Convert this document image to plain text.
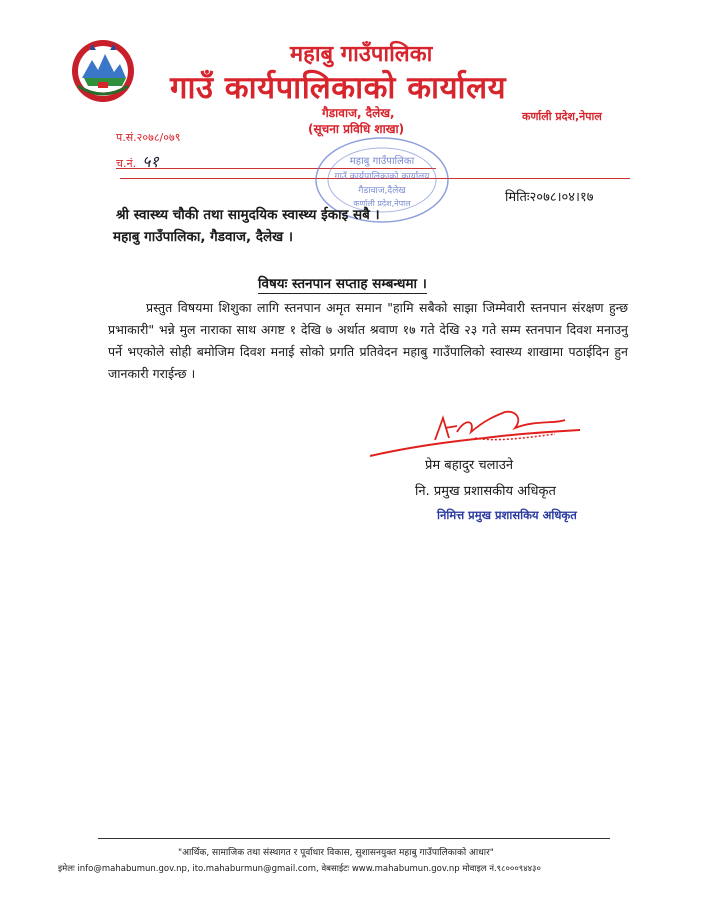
महाबु गाउँपालिका
गाउँ कार्यपालिकाको कार्यालय
गैडावाज, दैलेख,
(सूचना प्रविधि शाखा)
कर्णाली प्रदेश,नेपाल
प.सं.२०७८/०७९
च.नं. ५१	महाबु गाउँपालिका
गाउँ कार्यपालिकाको कार्यालय
गैडावाज,दैलेख
कर्णाली प्रदेश,नेपाल	मितिः२०७८।०४।१७
श्री स्वास्थ्य चौकी तथा सामुदयिक स्वास्थ्य ईकाइ सबै ।
महाबु गाउँपालिका, गैडवाज, दैलेख ।
विषयः स्तनपान सप्ताह सम्बन्धमा ।

प्रस्तुत विषयमा शिशुका लागि स्तनपान अमृत समान "हामि सबैको साझा जिम्मेवारी स्तनपान संरक्षण हुन्छ प्रभाकारी" भन्ने मुल नाराका साथ अगष्ट १ देखि ७ अर्थात श्रवाण १७ गते देखि २३ गते सम्म स्तनपान दिवश मनाउनु पर्ने भएकोले सोही बमोजिम दिवश मनाई सोको प्रगति प्रतिवेदन महाबु गाउँपालिको स्वास्थ्य शाखामा पठाईदिन हुन जानकारी गराईन्छ ।

प्रेम बहादुर चलाउने
नि. प्रमुख प्रशासकीय अधिकृत
निमित्त प्रमुख प्रशासकिय अधिकृत
"आर्थिक, सामाजिक तथा संस्थागत र पूर्वाधार विकास, सुशासनयुक्त महाबु गाउँपालिकाको आधार"
इमेलः info@mahabumun.gov.np, ito.mahaburmun@gmail.com, वेबसाईटः www.mahabumun.gov.np मोवाइल नं.९८०००९४४३०
